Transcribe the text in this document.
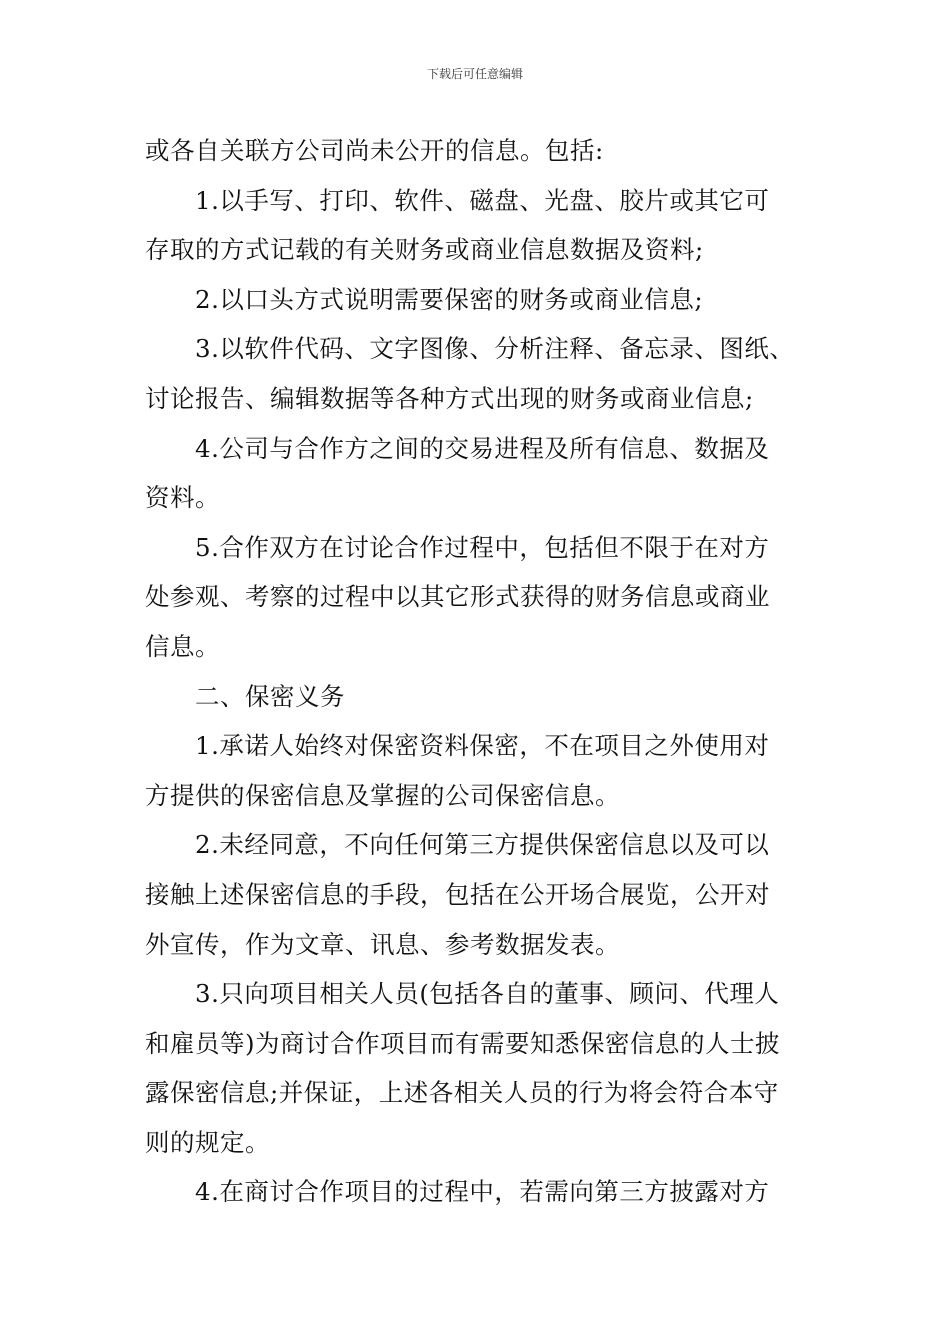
下载后可任意编辑
或各自关联方公司尚未公开的信息。包括:
1.以手写、打印、软件、磁盘、光盘、胶片或其它可
存取的方式记载的有关财务或商业信息数据及资料;
2.以口头方式说明需要保密的财务或商业信息;
3.以软件代码、文字图像、分析注释、备忘录、图纸、
讨论报告、编辑数据等各种方式出现的财务或商业信息;
4.公司与合作方之间的交易进程及所有信息、数据及
资料。
5.合作双方在讨论合作过程中，包括但不限于在对方
处参观、考察的过程中以其它形式获得的财务信息或商业
信息。
二、保密义务
1.承诺人始终对保密资料保密，不在项目之外使用对
方提供的保密信息及掌握的公司保密信息。
2.未经同意，不向任何第三方提供保密信息以及可以
接触上述保密信息的手段，包括在公开场合展览，公开对
外宣传，作为文章、讯息、参考数据发表。
3.只向项目相关人员(包括各自的董事、顾问、代理人
和雇员等)为商讨合作项目而有需要知悉保密信息的人士披
露保密信息;并保证，上述各相关人员的行为将会符合本守
则的规定。
4.在商讨合作项目的过程中，若需向第三方披露对方
